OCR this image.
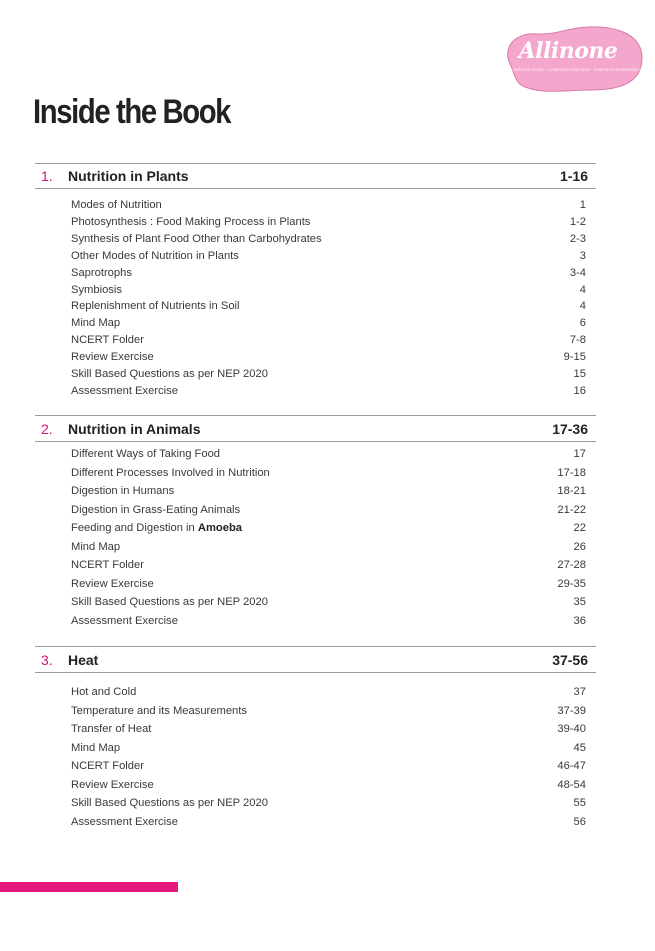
Allinone
COMPLETE STUDY · COMPLETE PRACTICE · COMPLETE ASSESSMENT
Inside the Book
1.	Nutrition in Plants	1-16
Modes of Nutrition	1
Photosynthesis : Food Making Process in Plants	1-2
Synthesis of Plant Food Other than Carbohydrates	2-3
Other Modes of Nutrition in Plants	3
Saprotrophs	3-4
Symbiosis	4
Replenishment of Nutrients in Soil	4
Mind Map	6
NCERT Folder	7-8
Review Exercise	9-15
Skill Based Questions as per NEP 2020	15
Assessment Exercise	16
2.	Nutrition in Animals	17-36
Different Ways of Taking Food	17
Different Processes Involved in Nutrition	17-18
Digestion in Humans	18-21
Digestion in Grass-Eating Animals	21-22
Feeding and Digestion in Amoeba	22
Mind Map	26
NCERT Folder	27-28
Review Exercise	29-35
Skill Based Questions as per NEP 2020	35
Assessment Exercise	36
3.	Heat	37-56
Hot and Cold	37
Temperature and its Measurements	37-39
Transfer of Heat	39-40
Mind Map	45
NCERT Folder	46-47
Review Exercise	48-54
Skill Based Questions as per NEP 2020	55
Assessment Exercise	56
